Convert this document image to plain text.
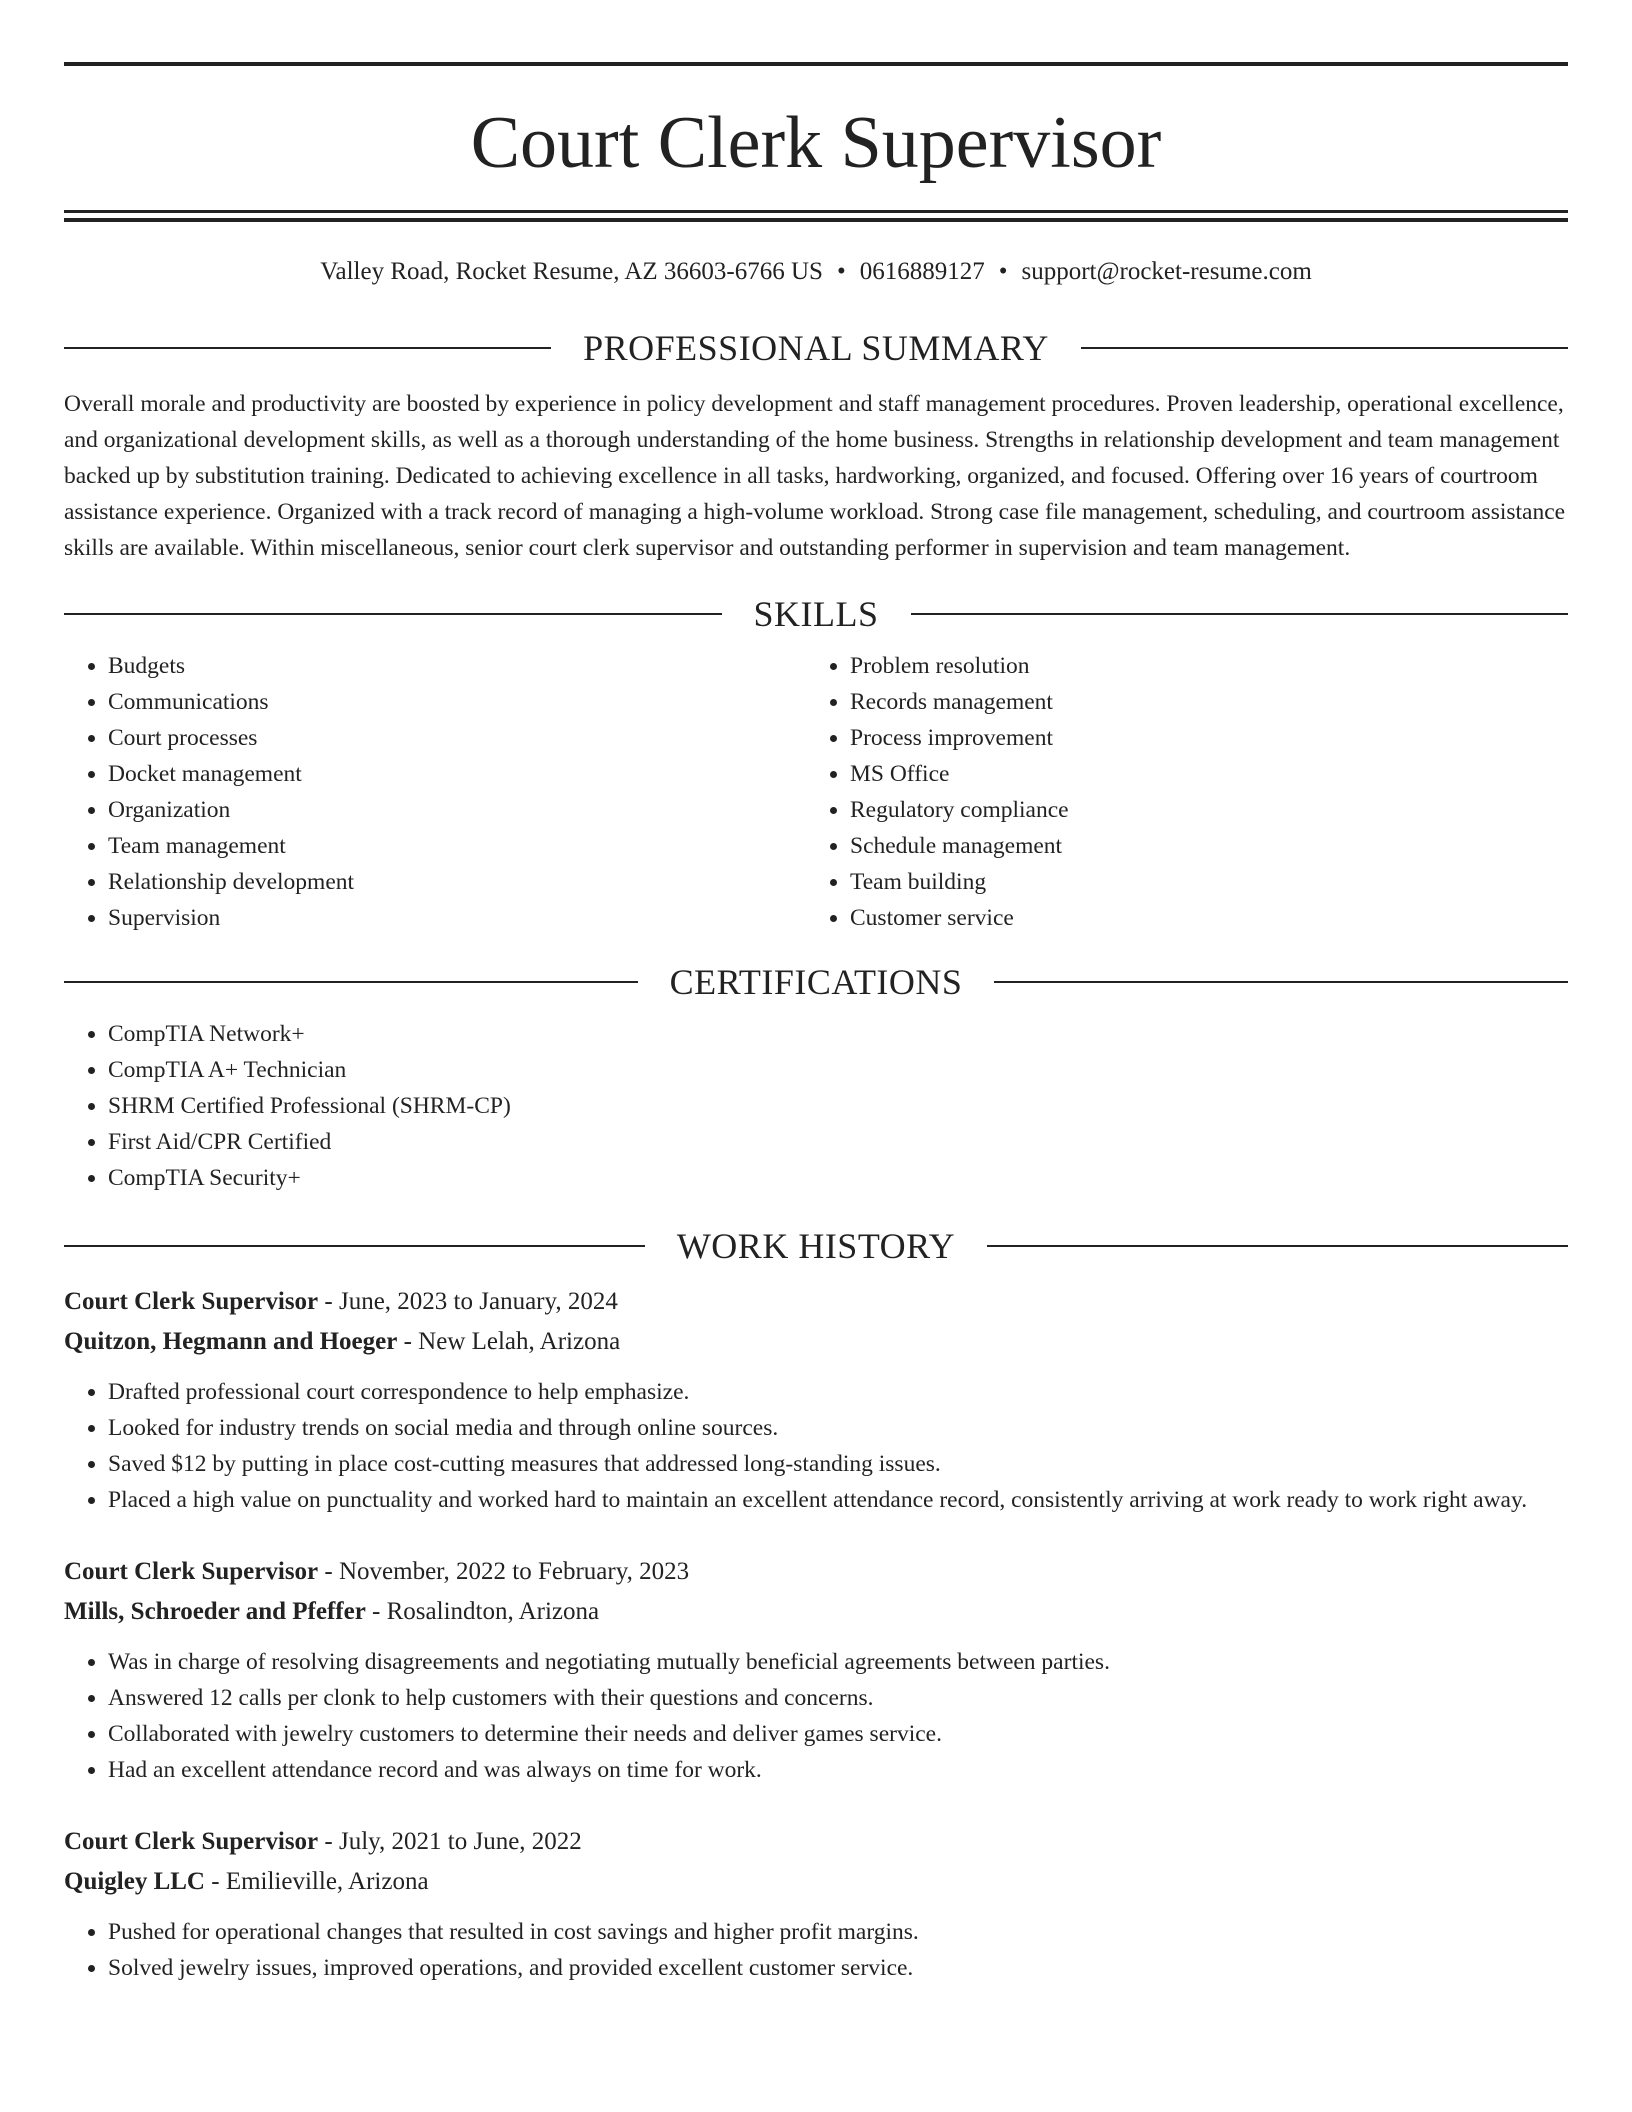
Court Clerk Supervisor
Valley Road, Rocket Resume, AZ 36603-6766 US • 0616889127 • support@rocket-resume.com
PROFESSIONAL SUMMARY
Overall morale and productivity are boosted by experience in policy development and staff management procedures. Proven leadership, operational excellence, and organizational development skills, as well as a thorough understanding of the home business. Strengths in relationship development and team management backed up by substitution training. Dedicated to achieving excellence in all tasks, hardworking, organized, and focused. Offering over 16 years of courtroom assistance experience. Organized with a track record of managing a high-volume workload. Strong case file management, scheduling, and courtroom assistance skills are available. Within miscellaneous, senior court clerk supervisor and outstanding performer in supervision and team management.
SKILLS
• Budgets
• Communications
• Court processes
• Docket management
• Organization
• Team management
• Relationship development
• Supervision
• Problem resolution
• Records management
• Process improvement
• MS Office
• Regulatory compliance
• Schedule management
• Team building
• Customer service
CERTIFICATIONS
• CompTIA Network+
• CompTIA A+ Technician
• SHRM Certified Professional (SHRM-CP)
• First Aid/CPR Certified
• CompTIA Security+
WORK HISTORY
Court Clerk Supervisor - June, 2023 to January, 2024
Quitzon, Hegmann and Hoeger - New Lelah, Arizona
• Drafted professional court correspondence to help emphasize.
• Looked for industry trends on social media and through online sources.
• Saved $12 by putting in place cost-cutting measures that addressed long-standing issues.
• Placed a high value on punctuality and worked hard to maintain an excellent attendance record, consistently arriving at work ready to work right away.
Court Clerk Supervisor - November, 2022 to February, 2023
Mills, Schroeder and Pfeffer - Rosalindton, Arizona
• Was in charge of resolving disagreements and negotiating mutually beneficial agreements between parties.
• Answered 12 calls per clonk to help customers with their questions and concerns.
• Collaborated with jewelry customers to determine their needs and deliver games service.
• Had an excellent attendance record and was always on time for work.
Court Clerk Supervisor - July, 2021 to June, 2022
Quigley LLC - Emilieville, Arizona
• Pushed for operational changes that resulted in cost savings and higher profit margins.
• Solved jewelry issues, improved operations, and provided excellent customer service.
